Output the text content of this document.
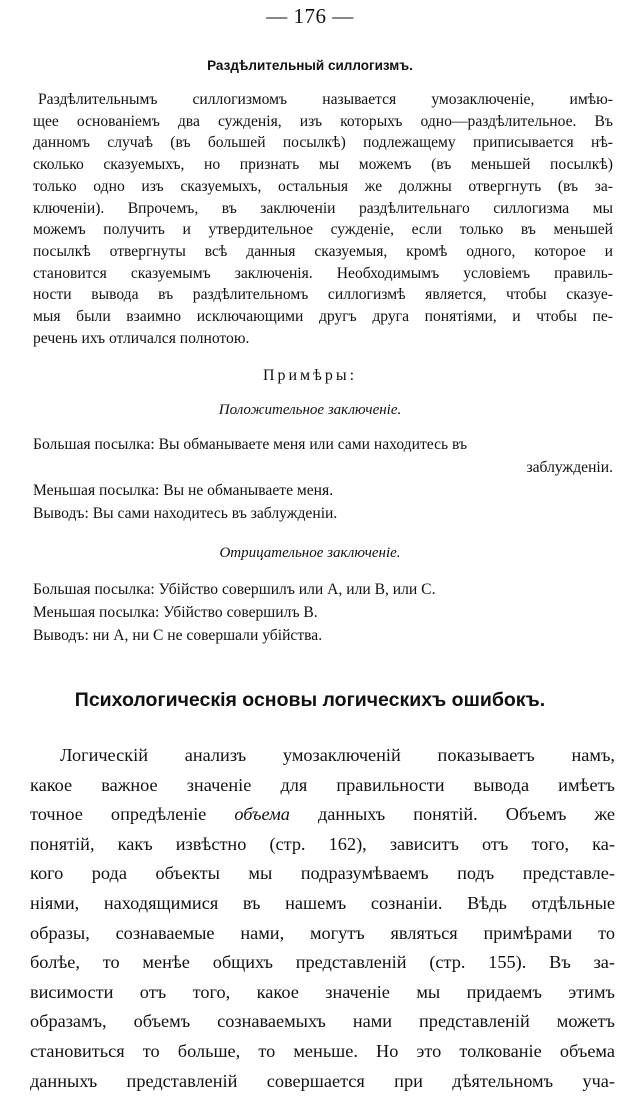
— 176 —
Раздѣлительный силлогизмъ.
Раздѣлительнымъ силлогизмомъ называется умозаключеніе, имѣю-
щее основаніемъ два сужденія, изъ которыхъ одно—раздѣлительное. Въ
данномъ случаѣ (въ большей посылкѣ) подлежащему приписывается нѣ-
сколько сказуемыхъ, но признать мы можемъ (въ меньшей посылкѣ)
только одно изъ сказуемыхъ, остальныя же должны отвергнуть (въ за-
ключеніи). Впрочемъ, въ заключеніи раздѣлительнаго силлогизма мы
можемъ получить и утвердительное сужденіе, если только въ меньшей
посылкѣ отвергнуты всѣ данныя сказуемыя, кромѣ одного, которое и
становится сказуемымъ заключенія. Необходимымъ условіемъ правиль-
ности вывода въ раздѣлительномъ силлогизмѣ является, чтобы сказуе-
мыя были взаимно исключающими другъ друга понятіями, и чтобы пе-
речень ихъ отличался полнотою.
Примѣры:
Положительное заключеніе.
Большая посылка: Вы обманываете меня или сами находитесь въ
заблужденіи.
Меньшая посылка: Вы не обманываете меня.
Выводъ: Вы сами находитесь въ заблужденіи.
Отрицательное заключеніе.
Большая посылка: Убійство совершилъ или А, или В, или С.
Меньшая посылка: Убійство совершилъ В.
Выводъ: ни А, ни С не совершали убійства.
Психологическія основы логическихъ ошибокъ.
Логическій анализъ умозаключеній показываетъ намъ,
какое важное значеніе для правильности вывода имѣетъ
точное опредѣленіе объема данныхъ понятій. Объемъ же
понятій, какъ извѣстно (стр. 162), зависитъ отъ того, ка-
кого рода объекты мы подразумѣваемъ подъ представле-
ніями, находящимися въ нашемъ сознаніи. Вѣдь отдѣльные
образы, сознаваемые нами, могутъ являться примѣрами то
болѣе, то менѣе общихъ представленій (стр. 155). Въ за-
висимости отъ того, какое значеніе мы придаемъ этимъ
образамъ, объемъ сознаваемыхъ нами представленій можетъ
становиться то больше, то меньше. Но это толкованіе объема
данныхъ представленій совершается при дѣятельномъ уча-
